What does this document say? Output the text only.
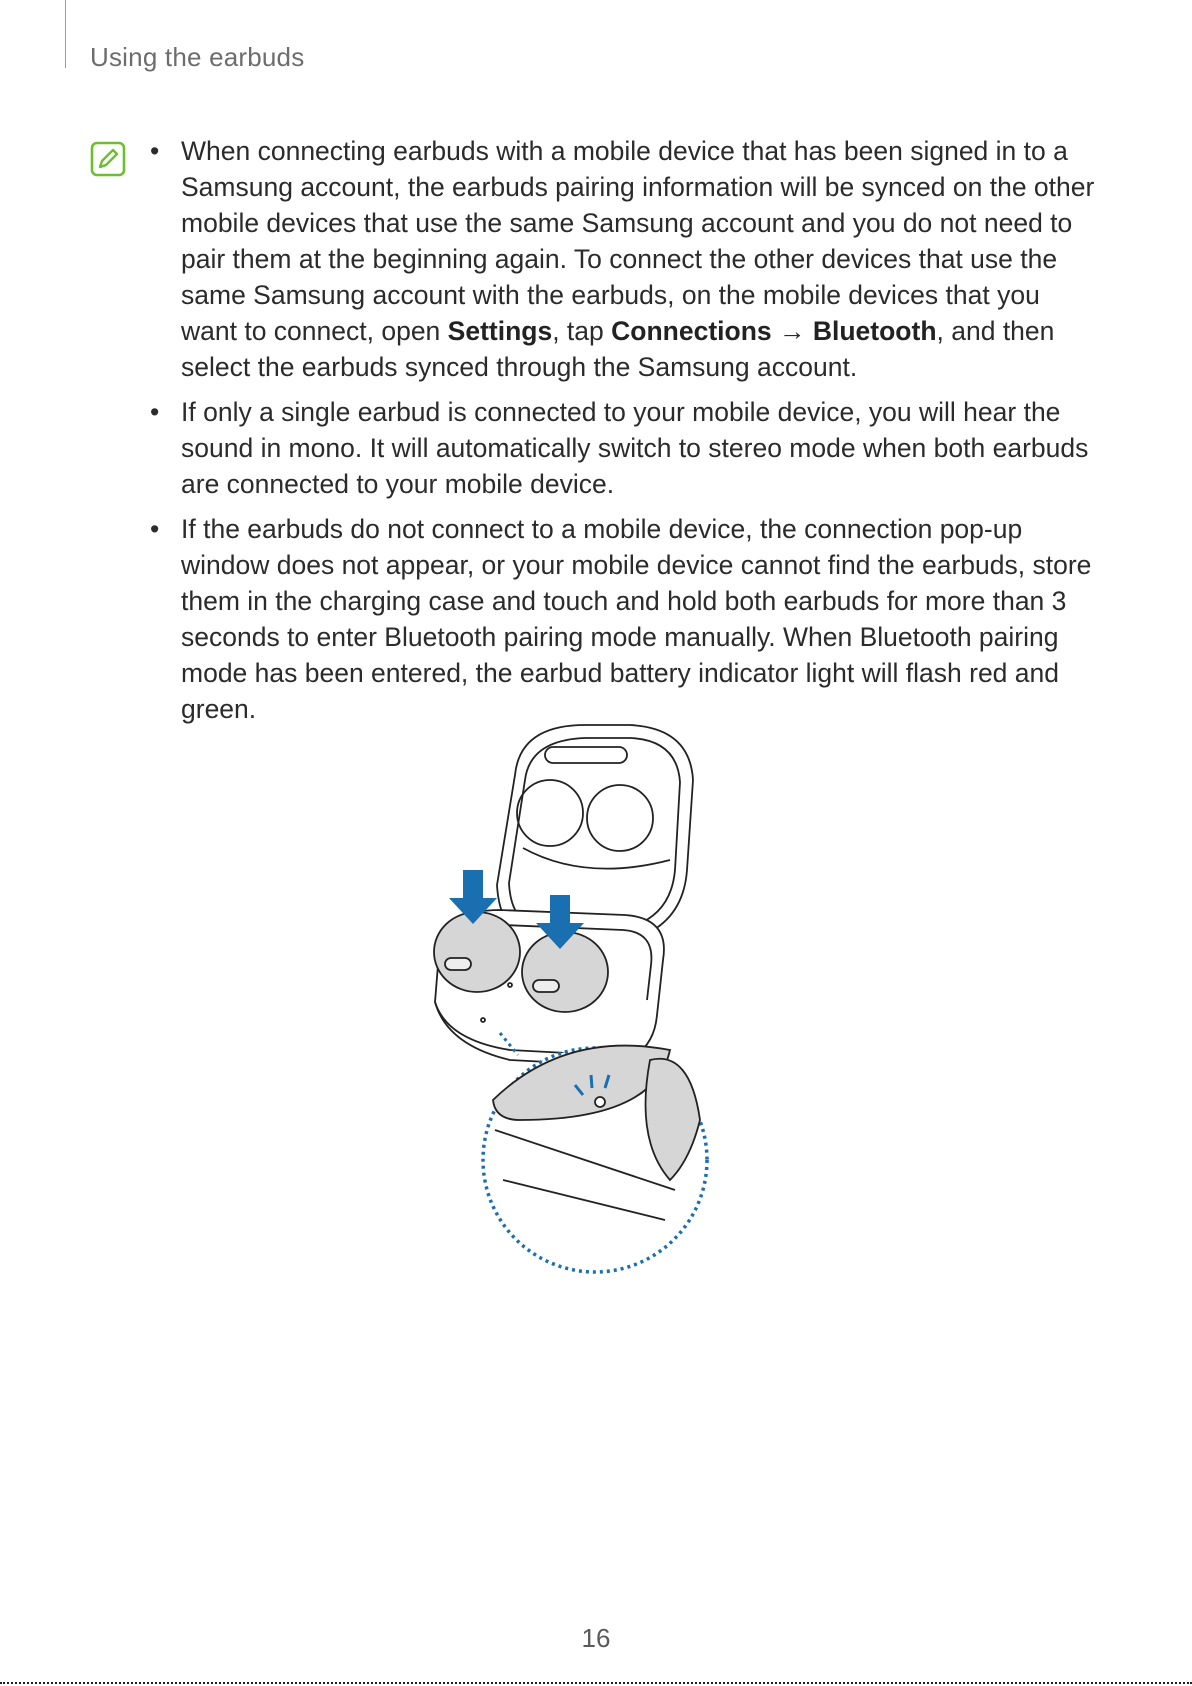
Using the earbuds
• When connecting earbuds with a mobile device that has been signed in to a Samsung account, the earbuds pairing information will be synced on the other mobile devices that use the same Samsung account and you do not need to pair them at the beginning again. To connect the other devices that use the same Samsung account with the earbuds, on the mobile devices that you want to connect, open Settings, tap Connections → Bluetooth, and then select the earbuds synced through the Samsung account.
• If only a single earbud is connected to your mobile device, you will hear the sound in mono. It will automatically switch to stereo mode when both earbuds are connected to your mobile device.
• If the earbuds do not connect to a mobile device, the connection pop-up window does not appear, or your mobile device cannot find the earbuds, store them in the charging case and touch and hold both earbuds for more than 3 seconds to enter Bluetooth pairing mode manually. When Bluetooth pairing mode has been entered, the earbud battery indicator light will flash red and green.
16
